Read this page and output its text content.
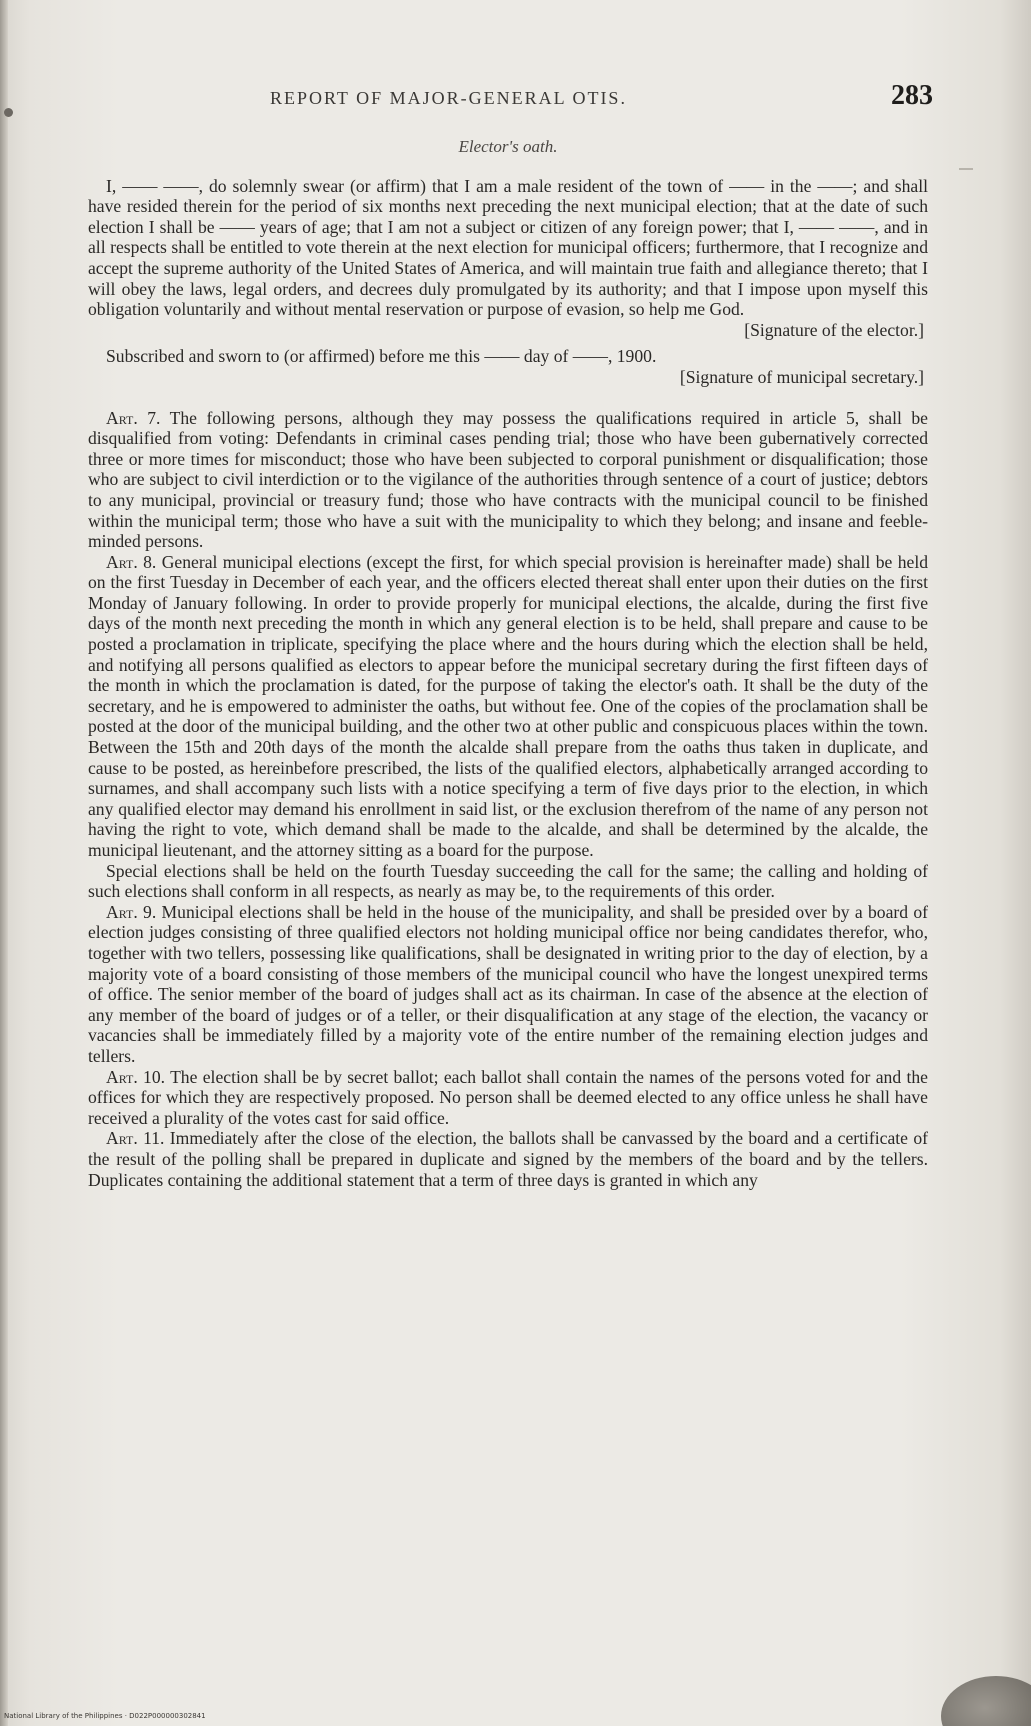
REPORT OF MAJOR-GENERAL OTIS.	283
Elector's oath.

I, —— ——, do solemnly swear (or affirm) that I am a male resident of the town of —— in the ——; and shall have resided therein for the period of six months next preceding the next municipal election; that at the date of such election I shall be —— years of age; that I am not a subject or citizen of any foreign power; that I, —— ——, and in all respects shall be entitled to vote therein at the next election for municipal officers; furthermore, that I recognize and accept the supreme authority of the United States of America, and will maintain true faith and allegiance thereto; that I will obey the laws, legal orders, and decrees duly promulgated by its authority; and that I impose upon myself this obligation voluntarily and without mental reservation or purpose of evasion, so help me God.

[Signature of the elector.]

Subscribed and sworn to (or affirmed) before me this —— day of ——, 1900.

[Signature of municipal secretary.]

Art. 7. The following persons, although they may possess the qualifications required in article 5, shall be disqualified from voting: Defendants in criminal cases pending trial; those who have been gubernatively corrected three or more times for misconduct; those who have been subjected to corporal punishment or disqualification; those who are subject to civil interdiction or to the vigilance of the authorities through sentence of a court of justice; debtors to any municipal, provincial or treasury fund; those who have contracts with the municipal council to be finished within the municipal term; those who have a suit with the municipality to which they belong; and insane and feeble-minded persons.

Art. 8. General municipal elections (except the first, for which special provision is hereinafter made) shall be held on the first Tuesday in December of each year, and the officers elected thereat shall enter upon their duties on the first Monday of January following. In order to provide properly for municipal elections, the alcalde, during the first five days of the month next preceding the month in which any general election is to be held, shall prepare and cause to be posted a proclamation in triplicate, specifying the place where and the hours during which the election shall be held, and notifying all persons qualified as electors to appear before the municipal secretary during the first fifteen days of the month in which the proclamation is dated, for the purpose of taking the elector's oath. It shall be the duty of the secretary, and he is empowered to administer the oaths, but without fee. One of the copies of the proclamation shall be posted at the door of the municipal building, and the other two at other public and conspicuous places within the town. Between the 15th and 20th days of the month the alcalde shall prepare from the oaths thus taken in duplicate, and cause to be posted, as hereinbefore prescribed, the lists of the qualified electors, alphabetically arranged according to surnames, and shall accompany such lists with a notice specifying a term of five days prior to the election, in which any qualified elector may demand his enrollment in said list, or the exclusion therefrom of the name of any person not having the right to vote, which demand shall be made to the alcalde, and shall be determined by the alcalde, the municipal lieutenant, and the attorney sitting as a board for the purpose.

Special elections shall be held on the fourth Tuesday succeeding the call for the same; the calling and holding of such elections shall conform in all respects, as nearly as may be, to the requirements of this order.

Art. 9. Municipal elections shall be held in the house of the municipality, and shall be presided over by a board of election judges consisting of three qualified electors not holding municipal office nor being candidates therefor, who, together with two tellers, possessing like qualifications, shall be designated in writing prior to the day of election, by a majority vote of a board consisting of those members of the municipal council who have the longest unexpired terms of office. The senior member of the board of judges shall act as its chairman. In case of the absence at the election of any member of the board of judges or of a teller, or their disqualification at any stage of the election, the vacancy or vacancies shall be immediately filled by a majority vote of the entire number of the remaining election judges and tellers.

Art. 10. The election shall be by secret ballot; each ballot shall contain the names of the persons voted for and the offices for which they are respectively proposed. No person shall be deemed elected to any office unless he shall have received a plurality of the votes cast for said office.

Art. 11. Immediately after the close of the election, the ballots shall be canvassed by the board and a certificate of the result of the polling shall be prepared in duplicate and signed by the members of the board and by the tellers. Duplicates containing the additional statement that a term of three days is granted in which any

National Library of the Philippines · D022P000000302841
